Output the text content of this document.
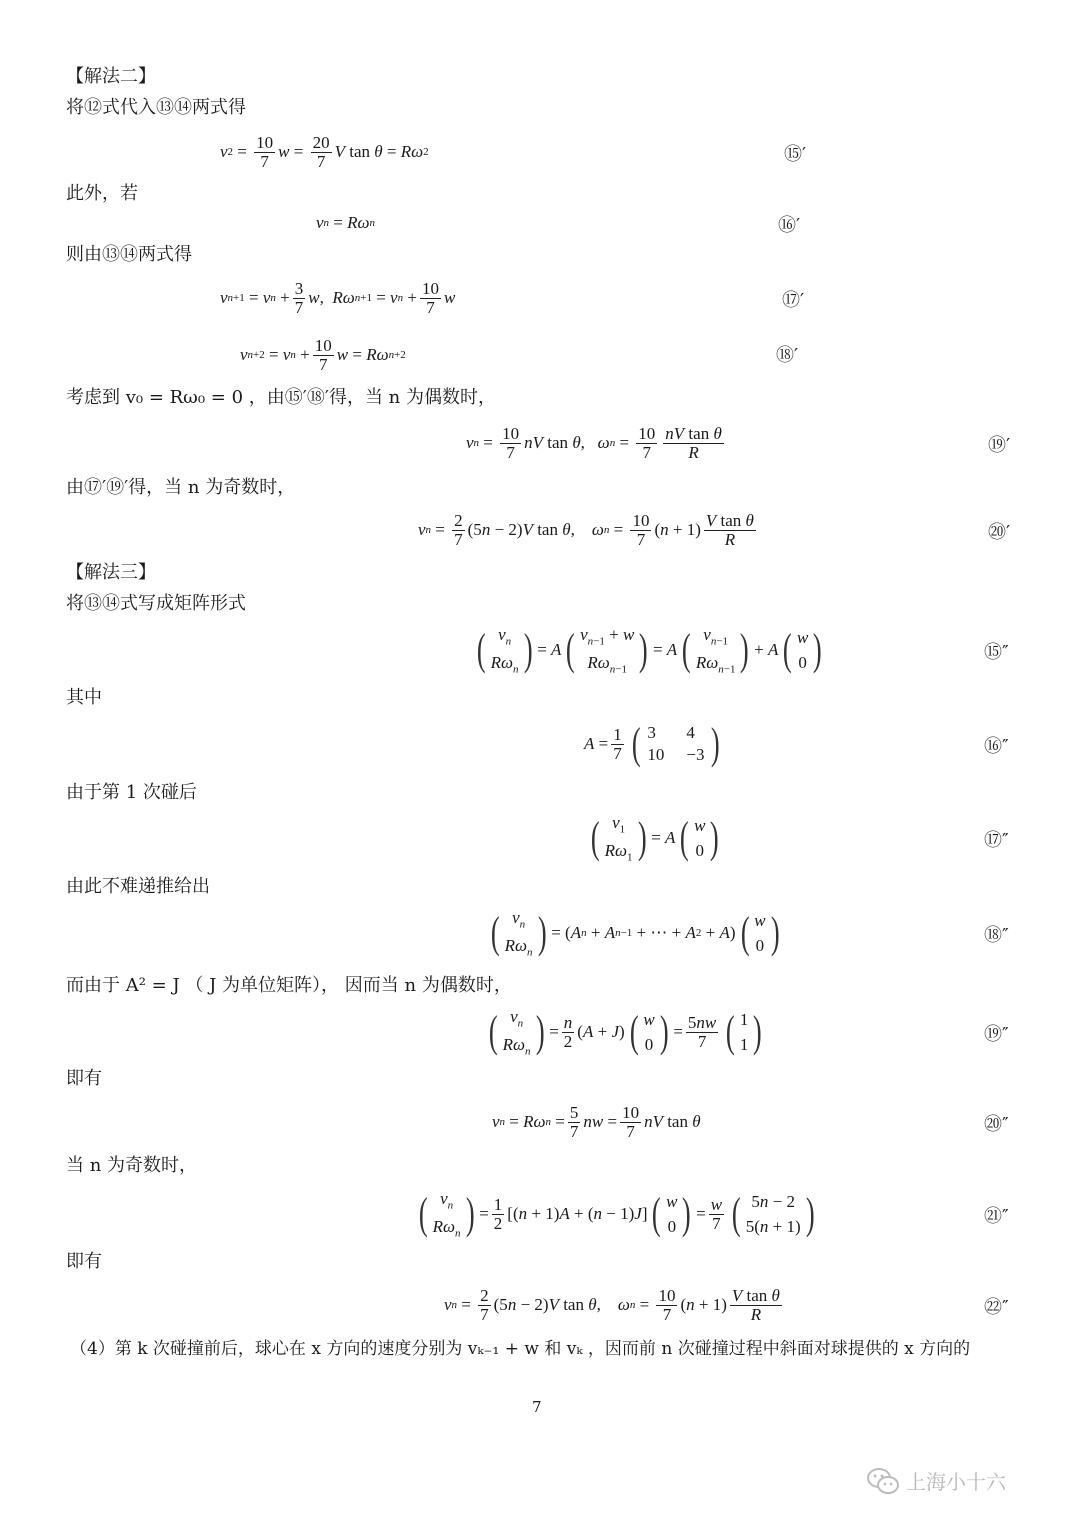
【解法二】
将⑫式代入⑬⑭两式得
v $2 = \frac{10}{7}$ $w = \frac{20}{7}$ V tan θ = Rω 2	⑮′
此外，若
v n = Rω n	⑯′
则由⑬⑭两式得
v n +1 = v $n + \frac{3}{7}$ w , Rω n +1 = v $n + \frac{10}{7}$ w	⑰′
v n +2 = v $n + \frac{10}{7}$ w = Rω n +2	⑱′
考虑到 v₀ = Rω₀ = 0 ，由⑮′⑱′得，当 n 为偶数时，
v $n = \frac{10}{7}$ nV tan θ , ω $n = \frac{10}{7} \frac{\text{nV tan θ}}{R}$	⑲′
由⑰′⑲′得，当 n 为奇数时，
v $n = \frac{2}{7} (5$ n − 2) V tan θ , ω $n = \frac{10}{7}$ ( $n + 1) \frac{\text{V tan θ}}{R}$	⑳′
【解法三】
将⑬⑭式写成矩阵形式
( $v_n$
$R\omega_n$ ) = A ( $v_{n-1} + w$
$R\omega_{n-1}$ ) = A ( $v_{n-1}$
$R\omega_{n-1}$ ) + A ( w
0 )	⑮″
其中
$A = \frac{1}{7}$ ( 3	4
10 −3 )	⑯″
由于第 1 次碰后
( $v_1$
$R\omega_1$ ) = A ( w
0 )	⑰″
由此不难递推给出
( $v_n$
$R\omega_n$ ) = ( A n + A n−1 + ⋯ + A 2 + A ) ( w
0 )	⑱″
而由于 A² = J （ J 为单位矩阵）， 因而当 n 为偶数时，
( $v_n$
$R\omega_n$ ) = $\frac{n}{2}$ ( A + J ) ( w
0 ) = $\frac{5nw}{7}$ ( 1
1 )	⑲″
即有
v n = Rω $n = \frac{5}{7}$ nw = $\frac{10}{7}$ nV tan θ	⑳″
当 n 为奇数时，
( $v_n$
$R\omega_n$ ) = $\frac{1}{2}$ [( n + 1) A + ( n − 1) J ] ( w
0 ) = $\frac{w}{7}$ ( 5n − 2
5(n + 1) )	㉑″
即有
v $n = \frac{2}{7} (5$ n − 2) V tan θ , ω $n = \frac{10}{7}$ ( $n + 1) \frac{\text{V tan θ}}{R}$	㉒″
（4）第 k 次碰撞前后，球心在 x 方向的速度分别为 vₖ₋₁ + w 和 vₖ ，因而前 n 次碰撞过程中斜面对球提供的 x 方向的
7
上海小十六
